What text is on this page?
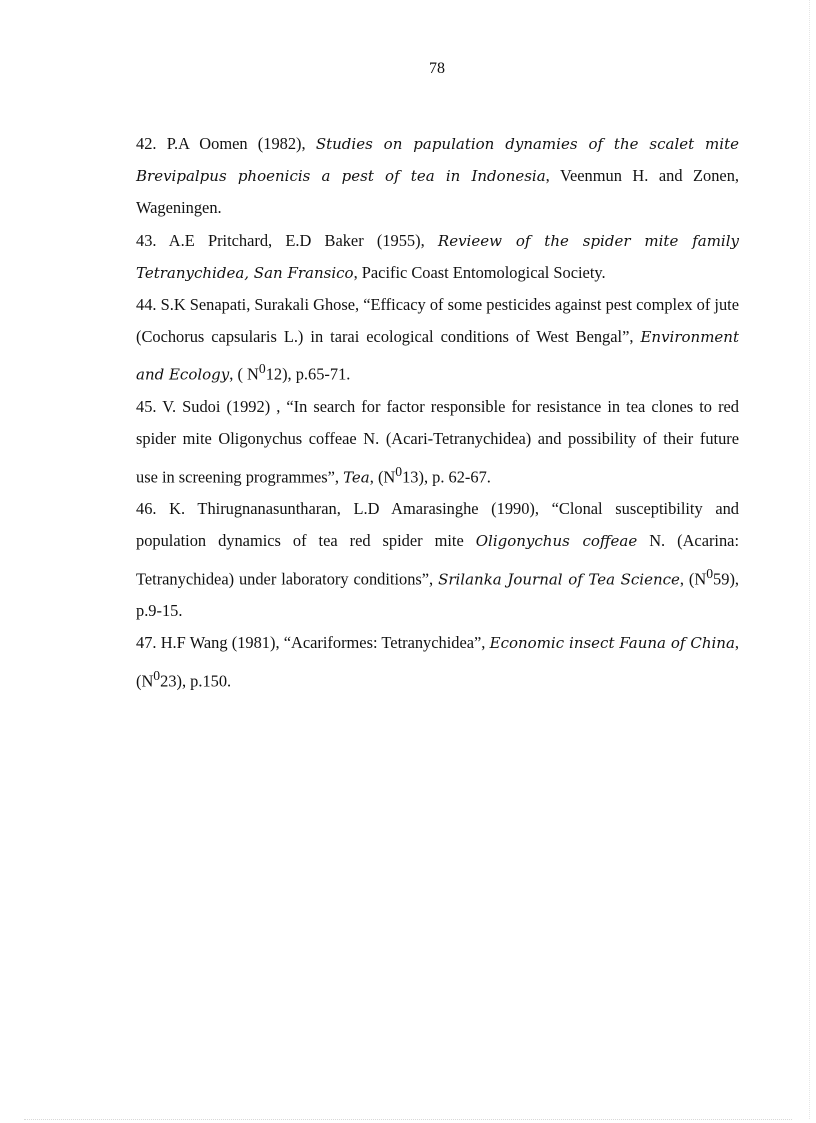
78

42. P.A Oomen (1982), Studies on papulation dynamies of the scalet mite Brevipalpus phoenicis a pest of tea in Indonesia, Veenmun H. and Zonen, Wageningen.

43. A.E Pritchard, E.D Baker (1955), Revieew of the spider mite family Tetranychidea, San Fransico, Pacific Coast Entomological Society.

44. S.K Senapati, Surakali Ghose, “Efficacy of some pesticides against pest complex of jute (Cochorus capsularis L.) in tarai ecological conditions of West Bengal”, Environment and Ecology, ( $N^012$), p.65-71.

45. V. Sudoi (1992) , “In search for factor responsible for resistance in tea clones to red spider mite Oligonychus coffeae N. (Acari-Tetranychidea) and possibility of their future use in screening programmes”, Tea, $(N^013)$, p. 62-67.

46. K. Thirugnanasuntharan, L.D Amarasinghe (1990), “Clonal susceptibility and population dynamics of tea red spider mite Oligonychus coffeae N. (Acarina: Tetranychidea) under laboratory conditions”, Srilanka Journal of Tea Science, $(N^059)$, p.9-15.

47. H.F Wang (1981), “Acariformes: Tetranychidea”, Economic insect Fauna of China, $(N^023)$, p.150.
